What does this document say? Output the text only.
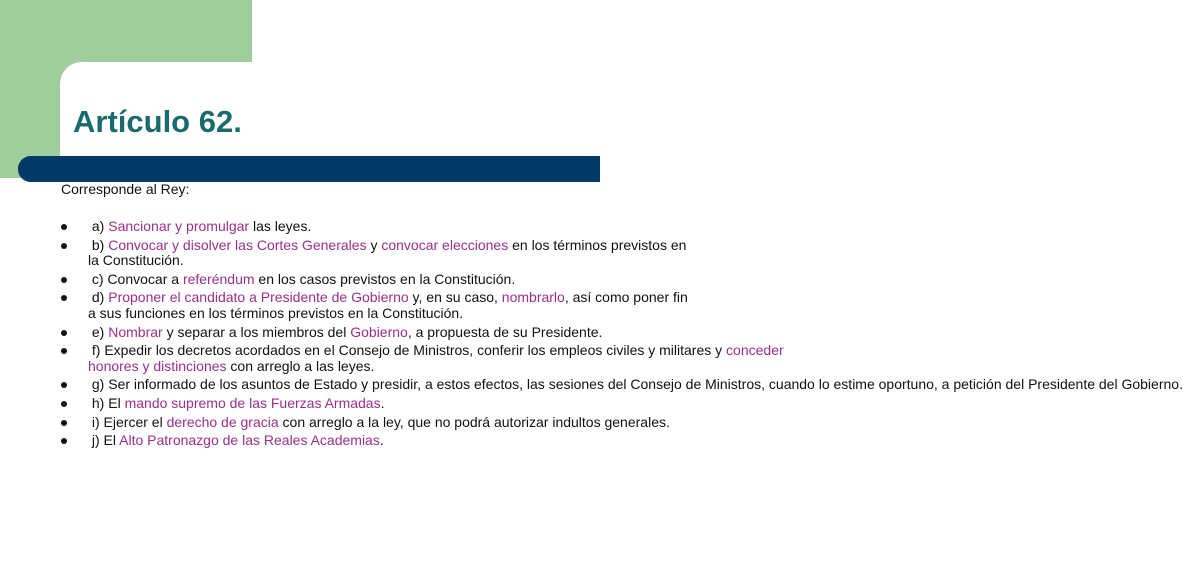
Artículo 62.

Corresponde al Rey:

a) Sancionar y promulgar las leyes.
b) Convocar y disolver las Cortes Generales y convocar elecciones en los términos previstos en la Constitución.
c) Convocar a referéndum en los casos previstos en la Constitución.
d) Proponer el candidato a Presidente de Gobierno y, en su caso, nombrarlo, así como poner fin a sus funciones en los términos previstos en la Constitución.
e) Nombrar y separar a los miembros del Gobierno, a propuesta de su Presidente.
f) Expedir los decretos acordados en el Consejo de Ministros, conferir los empleos civiles y militares y conceder honores y distinciones con arreglo a las leyes.
g) Ser informado de los asuntos de Estado y presidir, a estos efectos, las sesiones del Consejo de Ministros, cuando lo estime oportuno, a petición del Presidente del Gobierno.
h) El mando supremo de las Fuerzas Armadas.
i) Ejercer el derecho de gracia con arreglo a la ley, que no podrá autorizar indultos generales.
j) El Alto Patronazgo de las Reales Academias.
